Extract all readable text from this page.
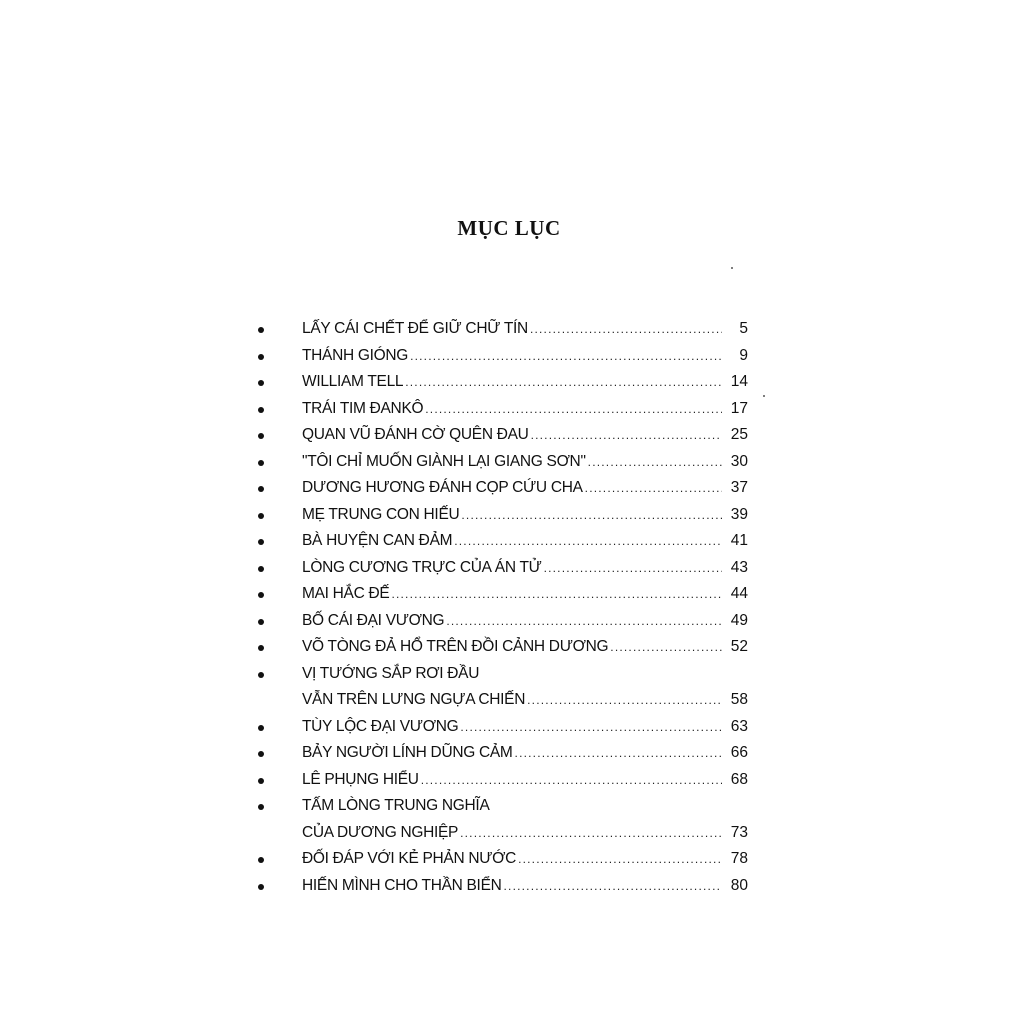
MỤC LỤC
LẤY CÁI CHẾT ĐỂ GIỮ CHỮ TÍN .....	5
THÁNH GIÓNG .....	9
WILLIAM TELL .....	14
TRÁI TIM ĐANKÔ .....	17
QUAN VŨ ĐÁNH CỜ QUÊN ĐAU .....	25
"TÔI CHỈ MUỐN GIÀNH LẠI GIANG SƠN" .....	30
DƯƠNG HƯƠNG ĐÁNH CỌP CỨU CHA .....	37
MẸ TRUNG CON HIẾU .....	39
BÀ HUYỆN CAN ĐẢM .....	41
LÒNG CƯƠNG TRỰC CỦA ÁN TỬ .....	43
MAI HẮC ĐẾ .....	44
BỐ CÁI ĐẠI VƯƠNG .....	49
VÕ TÒNG ĐẢ HỔ TRÊN ĐỒI CẢNH DƯƠNG .....	52
VỊ TƯỚNG SẮP RƠI ĐẦU
VẪN TRÊN LƯNG NGỰA CHIẾN .....	58
TÙY LỘC ĐẠI VƯƠNG .....	63
BẢY NGƯỜI LÍNH DŨNG CẢM .....	66
LÊ PHỤNG HIỂU .....	68
TẤM LÒNG TRUNG NGHĨA
CỦA DƯƠNG NGHIỆP .....	73
ĐỐI ĐÁP VỚI KẺ PHẢN NƯỚC .....	78
HIẾN MÌNH CHO THẦN BIỂN .....	80
